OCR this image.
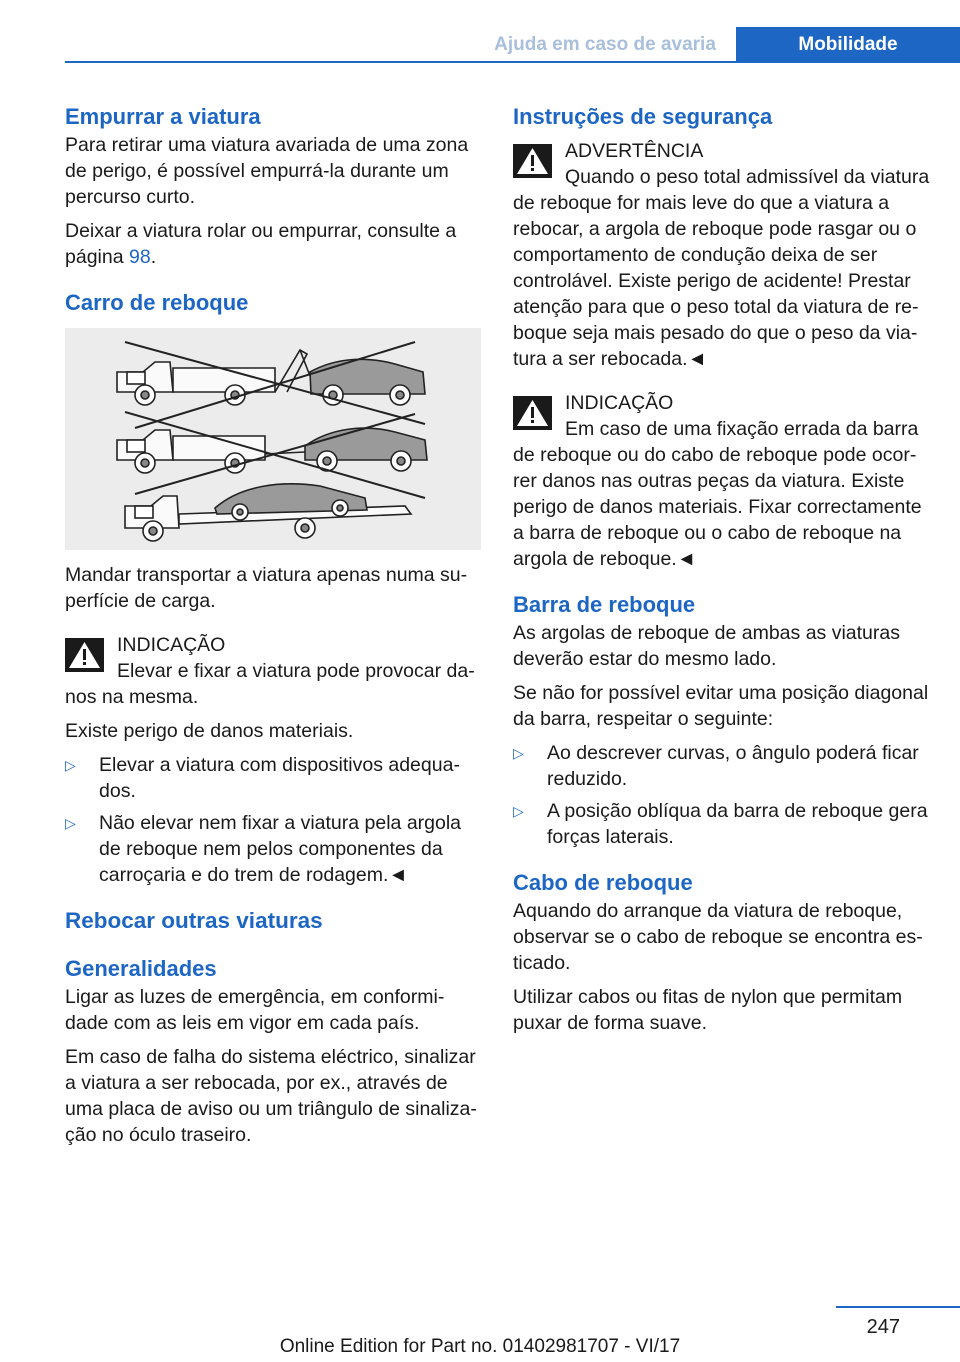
Ajuda em caso de avaria	Mobilidade
Empurrar a viatura

Para retirar uma viatura avariada de uma zona de perigo, é possível empurrá-la durante um percurso curto.

Deixar a viatura rolar ou empurrar, consulte a página 98.

Carro de reboque

Mandar transportar a viatura apenas numa superfície de carga.

INDICAÇÃO
Elevar e fixar a viatura pode provocar danos na mesma.

Existe perigo de danos materiais.

▷ Elevar a viatura com dispositivos adequados.
▷ Não elevar nem fixar a viatura pela argola de reboque nem pelos componentes da carroçaria e do trem de rodagem.◄
Rebocar outras viaturas
Generalidades

Ligar as luzes de emergência, em conformidade com as leis em vigor em cada país.

Em caso de falha do sistema eléctrico, sinalizar a viatura a ser rebocada, por ex., através de uma placa de aviso ou um triângulo de sinalização no óculo traseiro.

Instruções de segurança
ADVERTÊNCIA
Quando o peso total admissível da viatura de reboque for mais leve do que a viatura a rebocar, a argola de reboque pode rasgar ou o comportamento de condução deixa de ser controlável. Existe perigo de acidente! Prestar atenção para que o peso total da viatura de reboque seja mais pesado do que o peso da viatura a ser rebocada.◄
INDICAÇÃO
Em caso de uma fixação errada da barra de reboque ou do cabo de reboque pode ocorrer danos nas outras peças da viatura. Existe perigo de danos materiais. Fixar correctamente a barra de reboque ou o cabo de reboque na argola de reboque.◄
Barra de reboque

As argolas de reboque de ambas as viaturas deverão estar do mesmo lado.

Se não for possível evitar uma posição diagonal da barra, respeitar o seguinte:

▷ Ao descrever curvas, o ângulo poderá ficar reduzido.
▷ A posição oblíqua da barra de reboque gera forças laterais.
Cabo de reboque

Aquando do arranque da viatura de reboque, observar se o cabo de reboque se encontra esticado.

Utilizar cabos ou fitas de nylon que permitam puxar de forma suave.

247
Online Edition for Part no. 01402981707 - VI/17
